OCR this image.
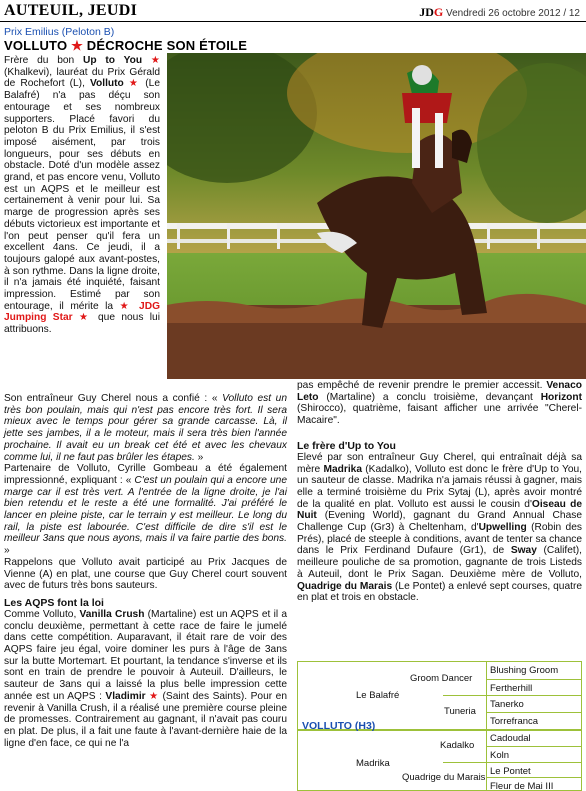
AUTEUIL, JEUDI	JDG Vendredi 26 octobre 2012 / 12
Prix Emilius (Peloton B)
VOLLUTO ★ DÉCROCHE SON ÉTOILE

Frère du bon Up to You ★ (Khalkevi), lauréat du Prix Gérald de Rochefort (L), Volluto ★ (Le Balafré) n'a pas déçu son entourage et ses nombreux supporters. Placé favori du peloton B du Prix Emilius, il s'est imposé aisément, par trois longueurs, pour ses débuts en obstacle. Doté d'un modèle assez grand, et pas encore venu, Volluto est un AQPS et le meilleur est certainement à venir pour lui. Sa marge de progression après ses débuts victorieux est importante et l'on peut penser qu'il fera un excellent 4ans. Ce jeudi, il a toujours galopé aux avant-postes, à son rythme. Dans la ligne droite, il n'a jamais été inquiété, faisant impression. Estimé par son entourage, il mérite la ★ JDG Jumping Star ★ que nous lui attribuons.

Son entraîneur Guy Cherel nous a confié : « Volluto est un très bon poulain, mais qui n'est pas encore très fort. Il sera mieux avec le temps pour gérer sa grande carcasse. Là, il jette ses jambes, il a le moteur, mais il sera très bien l'année prochaine. Il avait eu un break cet été et avec les chevaux comme lui, il ne faut pas brûler les étapes. »

Partenaire de Volluto, Cyrille Gombeau a été également impressionné, expliquant : « C'est un poulain qui a encore une marge car il est très vert. A l'entrée de la ligne droite, je l'ai bien retendu et le reste a été une formalité. J'ai préféré le lancer en pleine piste, car le terrain y est meilleur. Le long du rail, la piste est labourée. C'est difficile de dire s'il est le meilleur 3ans que nous ayons, mais il va faire partie des bons. »

Rappelons que Volluto avait participé au Prix Jacques de Vienne (A) en plat, une course que Guy Cherel court souvent avec de futurs très bons sauteurs.

Les AQPS font la loi

Comme Volluto, Vanilla Crush (Martaline) est un AQPS et il a conclu deuxième, permettant à cette race de faire le jumelé dans cette compétition. Auparavant, il était rare de voir des AQPS faire jeu égal, voire dominer les purs à l'âge de 3ans sur la butte Mortemart. Et pourtant, la tendance s'inverse et ils sont en train de prendre le pouvoir à Auteuil. D'ailleurs, le sauteur de 3ans qui a laissé la plus belle impression cette année est un AQPS : Vladimir ★ (Saint des Saints). Pour en revenir à Vanilla Crush, il a réalisé une première course pleine de promesses. Contrairement au gagnant, il n'avait pas couru en plat. De plus, il a fait une faute à l'avant-dernière haie de la ligne d'en face, ce qui ne l'a

pas empêché de revenir prendre le premier accessit. Venaco Leto (Martaline) a conclu troisième, devançant Horizont (Shirocco), quatrième, faisant afficher une arrivée "Cherel-Macaire".

Le frère d'Up to You

Elevé par son entraîneur Guy Cherel, qui entraînait déjà sa mère Madrika (Kadalko), Volluto est donc le frère d'Up to You, un sauteur de classe. Madrika n'a jamais réussi à gagner, mais elle a terminé troisième du Prix Sytaj (L), après avoir montré de la qualité en plat. Volluto est aussi le cousin d'Oiseau de Nuit (Evening World), gagnant du Grand Annual Chase Challenge Cup (Gr3) à Cheltenham, d'Upwelling (Robin des Prés), placé de steeple à conditions, avant de tenter sa chance dans le Prix Ferdinand Dufaure (Gr1), de Sway (Califet), meilleure pouliche de sa promotion, gagnante de trois Listeds à Auteuil, dont le Prix Sagan. Deuxième mère de Volluto, Quadrige du Marais (Le Pontet) a enlevé sept courses, quatre en plat et trois en obstacle.

VOLLUTO (H3)
Le Balafré
Madrika
Groom Dancer
Tuneria
Kadalko
Quadrige du Marais
Blushing Groom
Fertherhill
Tanerko
Torrefranca
Cadoudal
Koln
Le Pontet
Fleur de Mai III
